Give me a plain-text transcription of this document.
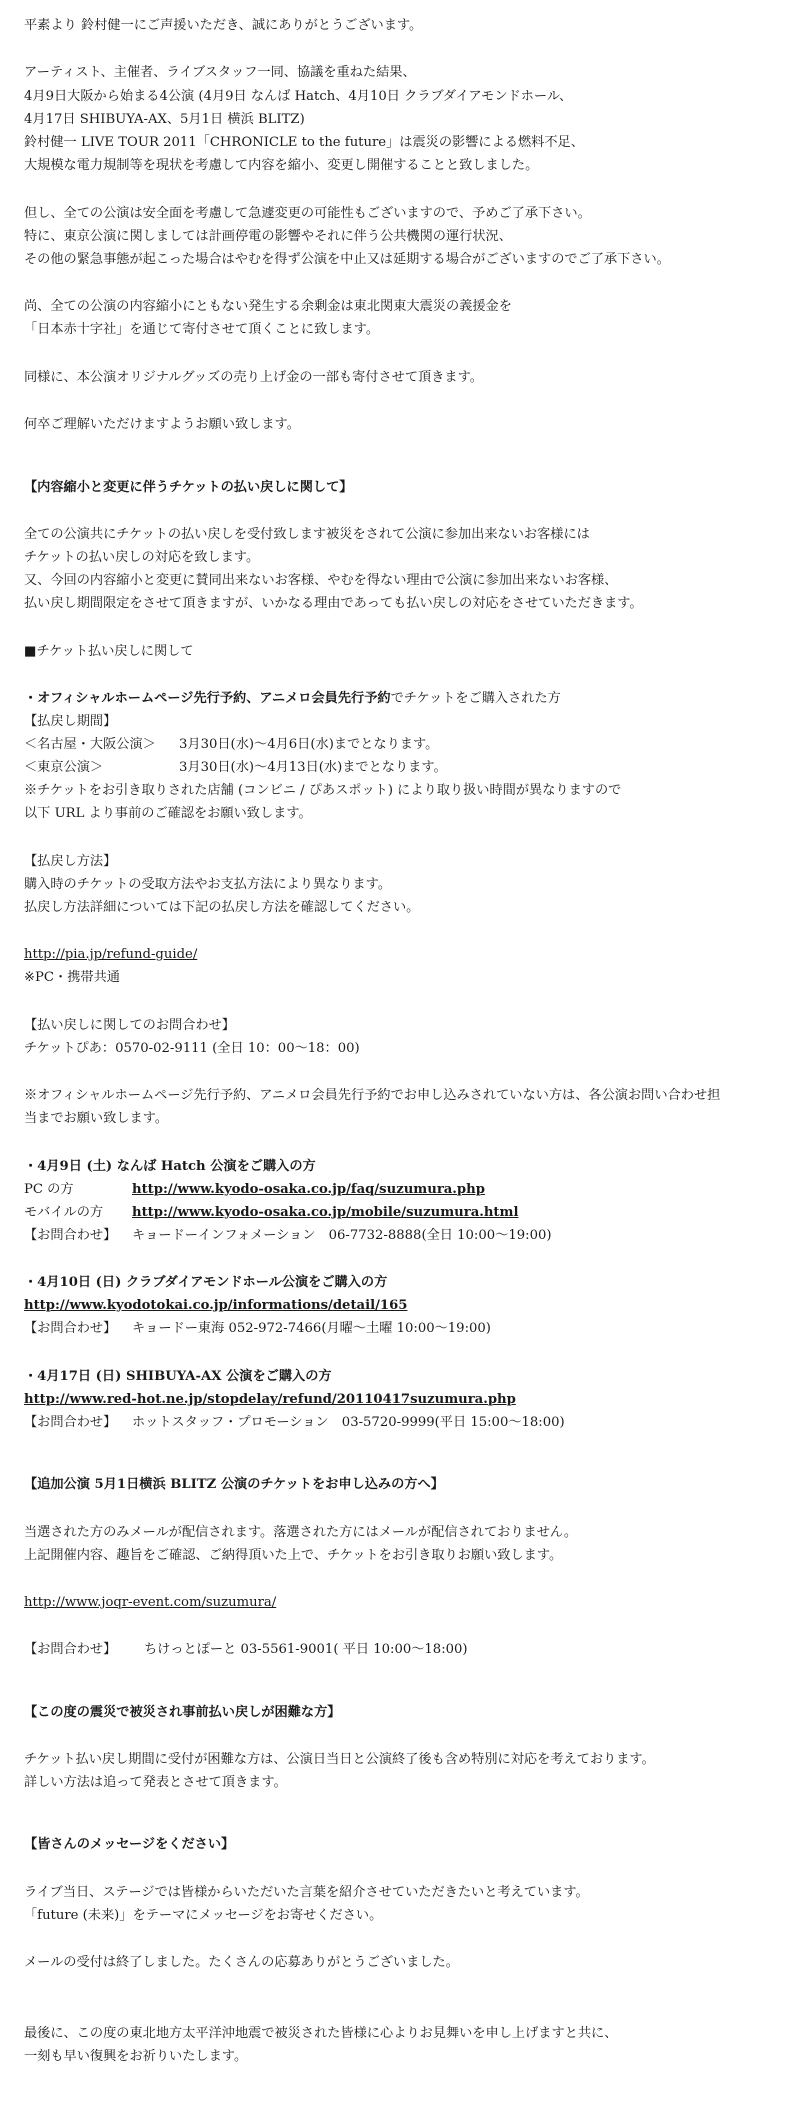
平素より 鈴村健一にご声援いただき、誠にありがとうございます。
アーティスト、主催者、ライブスタッフ一同、協議を重ねた結果、
4月9日大阪から始まる4公演 (4月9日 なんば Hatch、4月10日 クラブダイアモンドホール、
4月17日 SHIBUYA-AX、5月1日 横浜 BLITZ)
鈴村健一 LIVE TOUR 2011「CHRONICLE to the future」は震災の影響による燃料不足、
大規模な電力規制等を現状を考慮して内容を縮小、変更し開催することと致しました。
但し、全ての公演は安全面を考慮して急遽変更の可能性もございますので、予めご了承下さい。
特に、東京公演に関しましては計画停電の影響やそれに伴う公共機関の運行状況、
その他の緊急事態が起こった場合はやむを得ず公演を中止又は延期する場合がございますのでご了承下さい。
尚、全ての公演の内容縮小にともない発生する余剰金は東北関東大震災の義援金を
「日本赤十字社」を通じて寄付させて頂くことに致します。
同様に、本公演オリジナルグッズの売り上げ金の一部も寄付させて頂きます。
何卒ご理解いただけますようお願い致します。
【内容縮小と変更に伴うチケットの払い戻しに関して】
全ての公演共にチケットの払い戻しを受付致します被災をされて公演に参加出来ないお客様には
チケットの払い戻しの対応を致します。
又、今回の内容縮小と変更に賛同出来ないお客様、やむを得ない理由で公演に参加出来ないお客様、
払い戻し期間限定をさせて頂きますが、いかなる理由であっても払い戻しの対応をさせていただきます。
■チケット払い戻しに関して
・オフィシャルホームページ先行予約、アニメロ会員先行予約でチケットをご購入された方
【払戻し期間】
＜名古屋・大阪公演＞ 3月30日(水)～4月6日(水)までとなります。
＜東京公演＞	3月30日(水)～4月13日(水)までとなります。
※チケットをお引き取りされた店舗 (コンビニ / ぴあスポット) により取り扱い時間が異なりますので
以下 URL より事前のご確認をお願い致します。
【払戻し方法】
購入時のチケットの受取方法やお支払方法により異なります。
払戻し方法詳細については下記の払戻し方法を確認してください。
http://pia.jp/refund-guide/
※PC・携帯共通
【払い戻しに関してのお問合わせ】
チケットぴあ：0570-02-9111 (全日 10：00～18：00)
※オフィシャルホームページ先行予約、アニメロ会員先行予約でお申し込みされていない方は、各公演お問い合わせ担
当までお願い致します。
・4月9日 (土) なんば Hatch 公演をご購入の方
PC の方	http://www.kyodo-osaka.co.jp/faq/suzumura.php
モバイルの方 http://www.kyodo-osaka.co.jp/mobile/suzumura.html
【お問合わせ】 キョードーインフォメーション　06-7732-8888(全日 10:00～19:00)
・4月10日 (日) クラブダイアモンドホール公演をご購入の方
http://www.kyodotokai.co.jp/informations/detail/165
【お問合わせ】 キョードー東海 052-972-7466(月曜～土曜 10:00～19:00)
・4月17日 (日) SHIBUYA-AX 公演をご購入の方
http://www.red-hot.ne.jp/stopdelay/refund/20110417suzumura.php
【お問合わせ】 ホットスタッフ・プロモーション　03-5720-9999(平日 15:00～18:00)
【追加公演 5月1日横浜 BLITZ 公演のチケットをお申し込みの方へ】
当選された方のみメールが配信されます。落選された方にはメールが配信されておりません。
上記開催内容、趣旨をご確認、ご納得頂いた上で、チケットをお引き取りお願い致します。
http://www.joqr-event.com/suzumura/
【お問合わせ】 ちけっとぽーと 03-5561-9001( 平日 10:00～18:00)
【この度の震災で被災され事前払い戻しが困難な方】
チケット払い戻し期間に受付が困難な方は、公演日当日と公演終了後も含め特別に対応を考えております。
詳しい方法は追って発表とさせて頂きます。
【皆さんのメッセージをください】
ライブ当日、ステージでは皆様からいただいた言葉を紹介させていただきたいと考えています。
「future (未来)」をテーマにメッセージをお寄せください。
メールの受付は終了しました。たくさんの応募ありがとうございました。
最後に、この度の東北地方太平洋沖地震で被災された皆様に心よりお見舞いを申し上げますと共に、
一刻も早い復興をお祈りいたします。
